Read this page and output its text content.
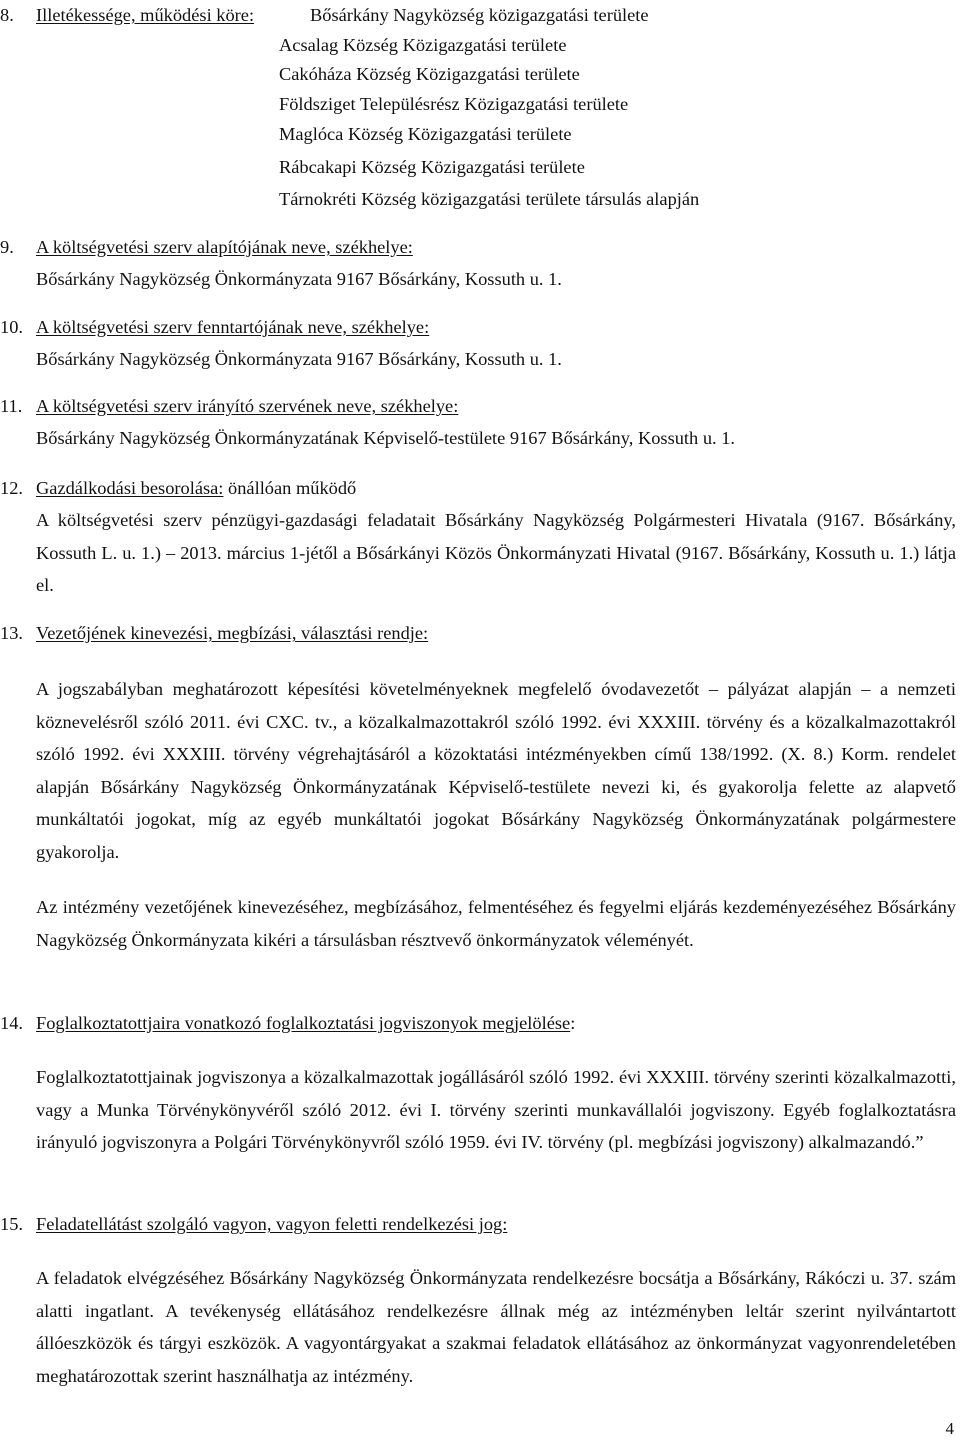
8.	Illetékessége, működési köre:	Bősárkány Nagyközség közigazgatási területe
Acsalag Község Közigazgatási területe
Cakóháza Község Közigazgatási területe
Földsziget Településrész Közigazgatási területe
Maglóca Község Közigazgatási területe
Rábcakapi Község Közigazgatási területe
Tárnokréti Község közigazgatási területe társulás alapján
9.	A költségvetési szerv alapítójának neve, székhelye:
Bősárkány Nagyközség Önkormányzata 9167 Bősárkány, Kossuth u. 1.
10. A költségvetési szerv fenntartójának neve, székhelye:
Bősárkány Nagyközség Önkormányzata 9167 Bősárkány, Kossuth u. 1.
11. A költségvetési szerv irányító szervének neve, székhelye:
Bősárkány Nagyközség Önkormányzatának Képviselő-testülete 9167 Bősárkány, Kossuth u. 1.
12. Gazdálkodási besorolása: önállóan működő
A költségvetési szerv pénzügyi-gazdasági feladatait Bősárkány Nagyközség Polgármesteri Hivatala (9167. Bősárkány, Kossuth L. u. 1.) – 2013. március 1-jétől a Bősárkányi Közös Önkormányzati Hivatal (9167. Bősárkány, Kossuth u. 1.) látja el.
13. Vezetőjének kinevezési, megbízási, választási rendje:
A jogszabályban meghatározott képesítési követelményeknek megfelelő óvodavezetőt – pályázat alapján – a nemzeti köznevelésről szóló 2011. évi CXC. tv., a közalkalmazottakról szóló 1992. évi XXXIII. törvény és a közalkalmazottakról szóló 1992. évi XXXIII. törvény végrehajtásáról a közoktatási intézményekben című 138/1992. (X. 8.) Korm. rendelet alapján Bősárkány Nagyközség Önkormányzatának Képviselő-testülete nevezi ki, és gyakorolja felette az alapvető munkáltatói jogokat, míg az egyéb munkáltatói jogokat Bősárkány Nagyközség Önkormányzatának polgármestere gyakorolja.
Az intézmény vezetőjének kinevezéséhez, megbízásához, felmentéséhez és fegyelmi eljárás kezdeményezéséhez Bősárkány Nagyközség Önkormányzata kikéri a társulásban résztvevő önkormányzatok véleményét.
14. Foglalkoztatottjaira vonatkozó foglalkoztatási jogviszonyok megjelölése:
Foglalkoztatottjainak jogviszonya a közalkalmazottak jogállásáról szóló 1992. évi XXXIII. törvény szerinti közalkalmazotti, vagy a Munka Törvénykönyvéről szóló 2012. évi I. törvény szerinti munkavállalói jogviszony. Egyéb foglalkoztatásra irányuló jogviszonyra a Polgári Törvénykönyvről szóló 1959. évi IV. törvény (pl. megbízási jogviszony) alkalmazandó.”
15. Feladatellátást szolgáló vagyon, vagyon feletti rendelkezési jog:
A feladatok elvégzéséhez Bősárkány Nagyközség Önkormányzata rendelkezésre bocsátja a Bősárkány, Rákóczi u. 37. szám alatti ingatlant. A tevékenység ellátásához rendelkezésre állnak még az intézményben leltár szerint nyilvántartott állóeszközök és tárgyi eszközök. A vagyontárgyakat a szakmai feladatok ellátásához az önkormányzat vagyonrendeletében meghatározottak szerint használhatja az intézmény.
4
